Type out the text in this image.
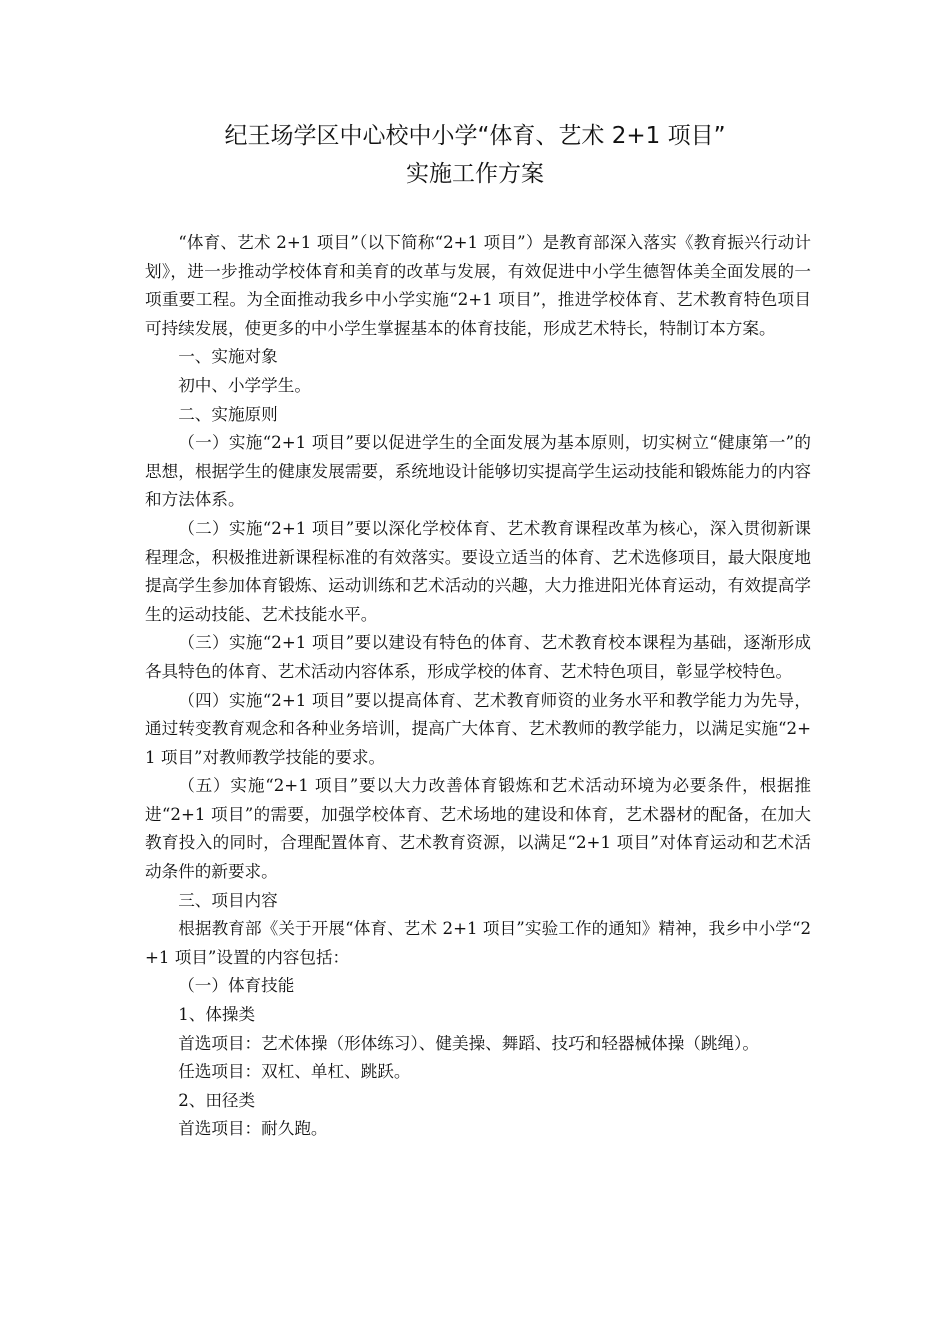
纪王场学区中心校中小学“体育、艺术 2+1 项目”
实施工作方案

“体育、艺术 2+1 项目”（以下简称“2+1 项目”）是教育部深入落实《教育振兴行动计划》，进一步推动学校体育和美育的改革与发展，有效促进中小学生德智体美全面发展的一项重要工程。为全面推动我乡中小学实施“2+1 项目”，推进学校体育、艺术教育特色项目可持续发展，使更多的中小学生掌握基本的体育技能，形成艺术特长，特制订本方案。

一、实施对象

初中、小学学生。

二、实施原则

（一）实施“2+1 项目”要以促进学生的全面发展为基本原则，切实树立“健康第一”的思想，根据学生的健康发展需要，系统地设计能够切实提高学生运动技能和锻炼能力的内容和方法体系。

（二）实施“2+1 项目”要以深化学校体育、艺术教育课程改革为核心，深入贯彻新课程理念，积极推进新课程标准的有效落实。要设立适当的体育、艺术选修项目，最大限度地提高学生参加体育锻炼、运动训练和艺术活动的兴趣，大力推进阳光体育运动，有效提高学生的运动技能、艺术技能水平。

（三）实施“2+1 项目”要以建设有特色的体育、艺术教育校本课程为基础，逐渐形成各具特色的体育、艺术活动内容体系，形成学校的体育、艺术特色项目，彰显学校特色。

（四）实施“2+1 项目”要以提高体育、艺术教育师资的业务水平和教学能力为先导，通过转变教育观念和各种业务培训，提高广大体育、艺术教师的教学能力，以满足实施“2+1 项目”对教师教学技能的要求。

（五）实施“2+1 项目”要以大力改善体育锻炼和艺术活动环境为必要条件，根据推进“2+1 项目”的需要，加强学校体育、艺术场地的建设和体育，艺术器材的配备，在加大教育投入的同时，合理配置体育、艺术教育资源，以满足“2+1 项目”对体育运动和艺术活动条件的新要求。

三、项目内容

根据教育部《关于开展“体育、艺术 2+1 项目”实验工作的通知》精神，我乡中小学“2+1 项目”设置的内容包括：

（一）体育技能

1、体操类

首选项目：艺术体操（形体练习）、健美操、舞蹈、技巧和轻器械体操（跳绳）。

任选项目：双杠、单杠、跳跃。

2、田径类

首选项目：耐久跑。
